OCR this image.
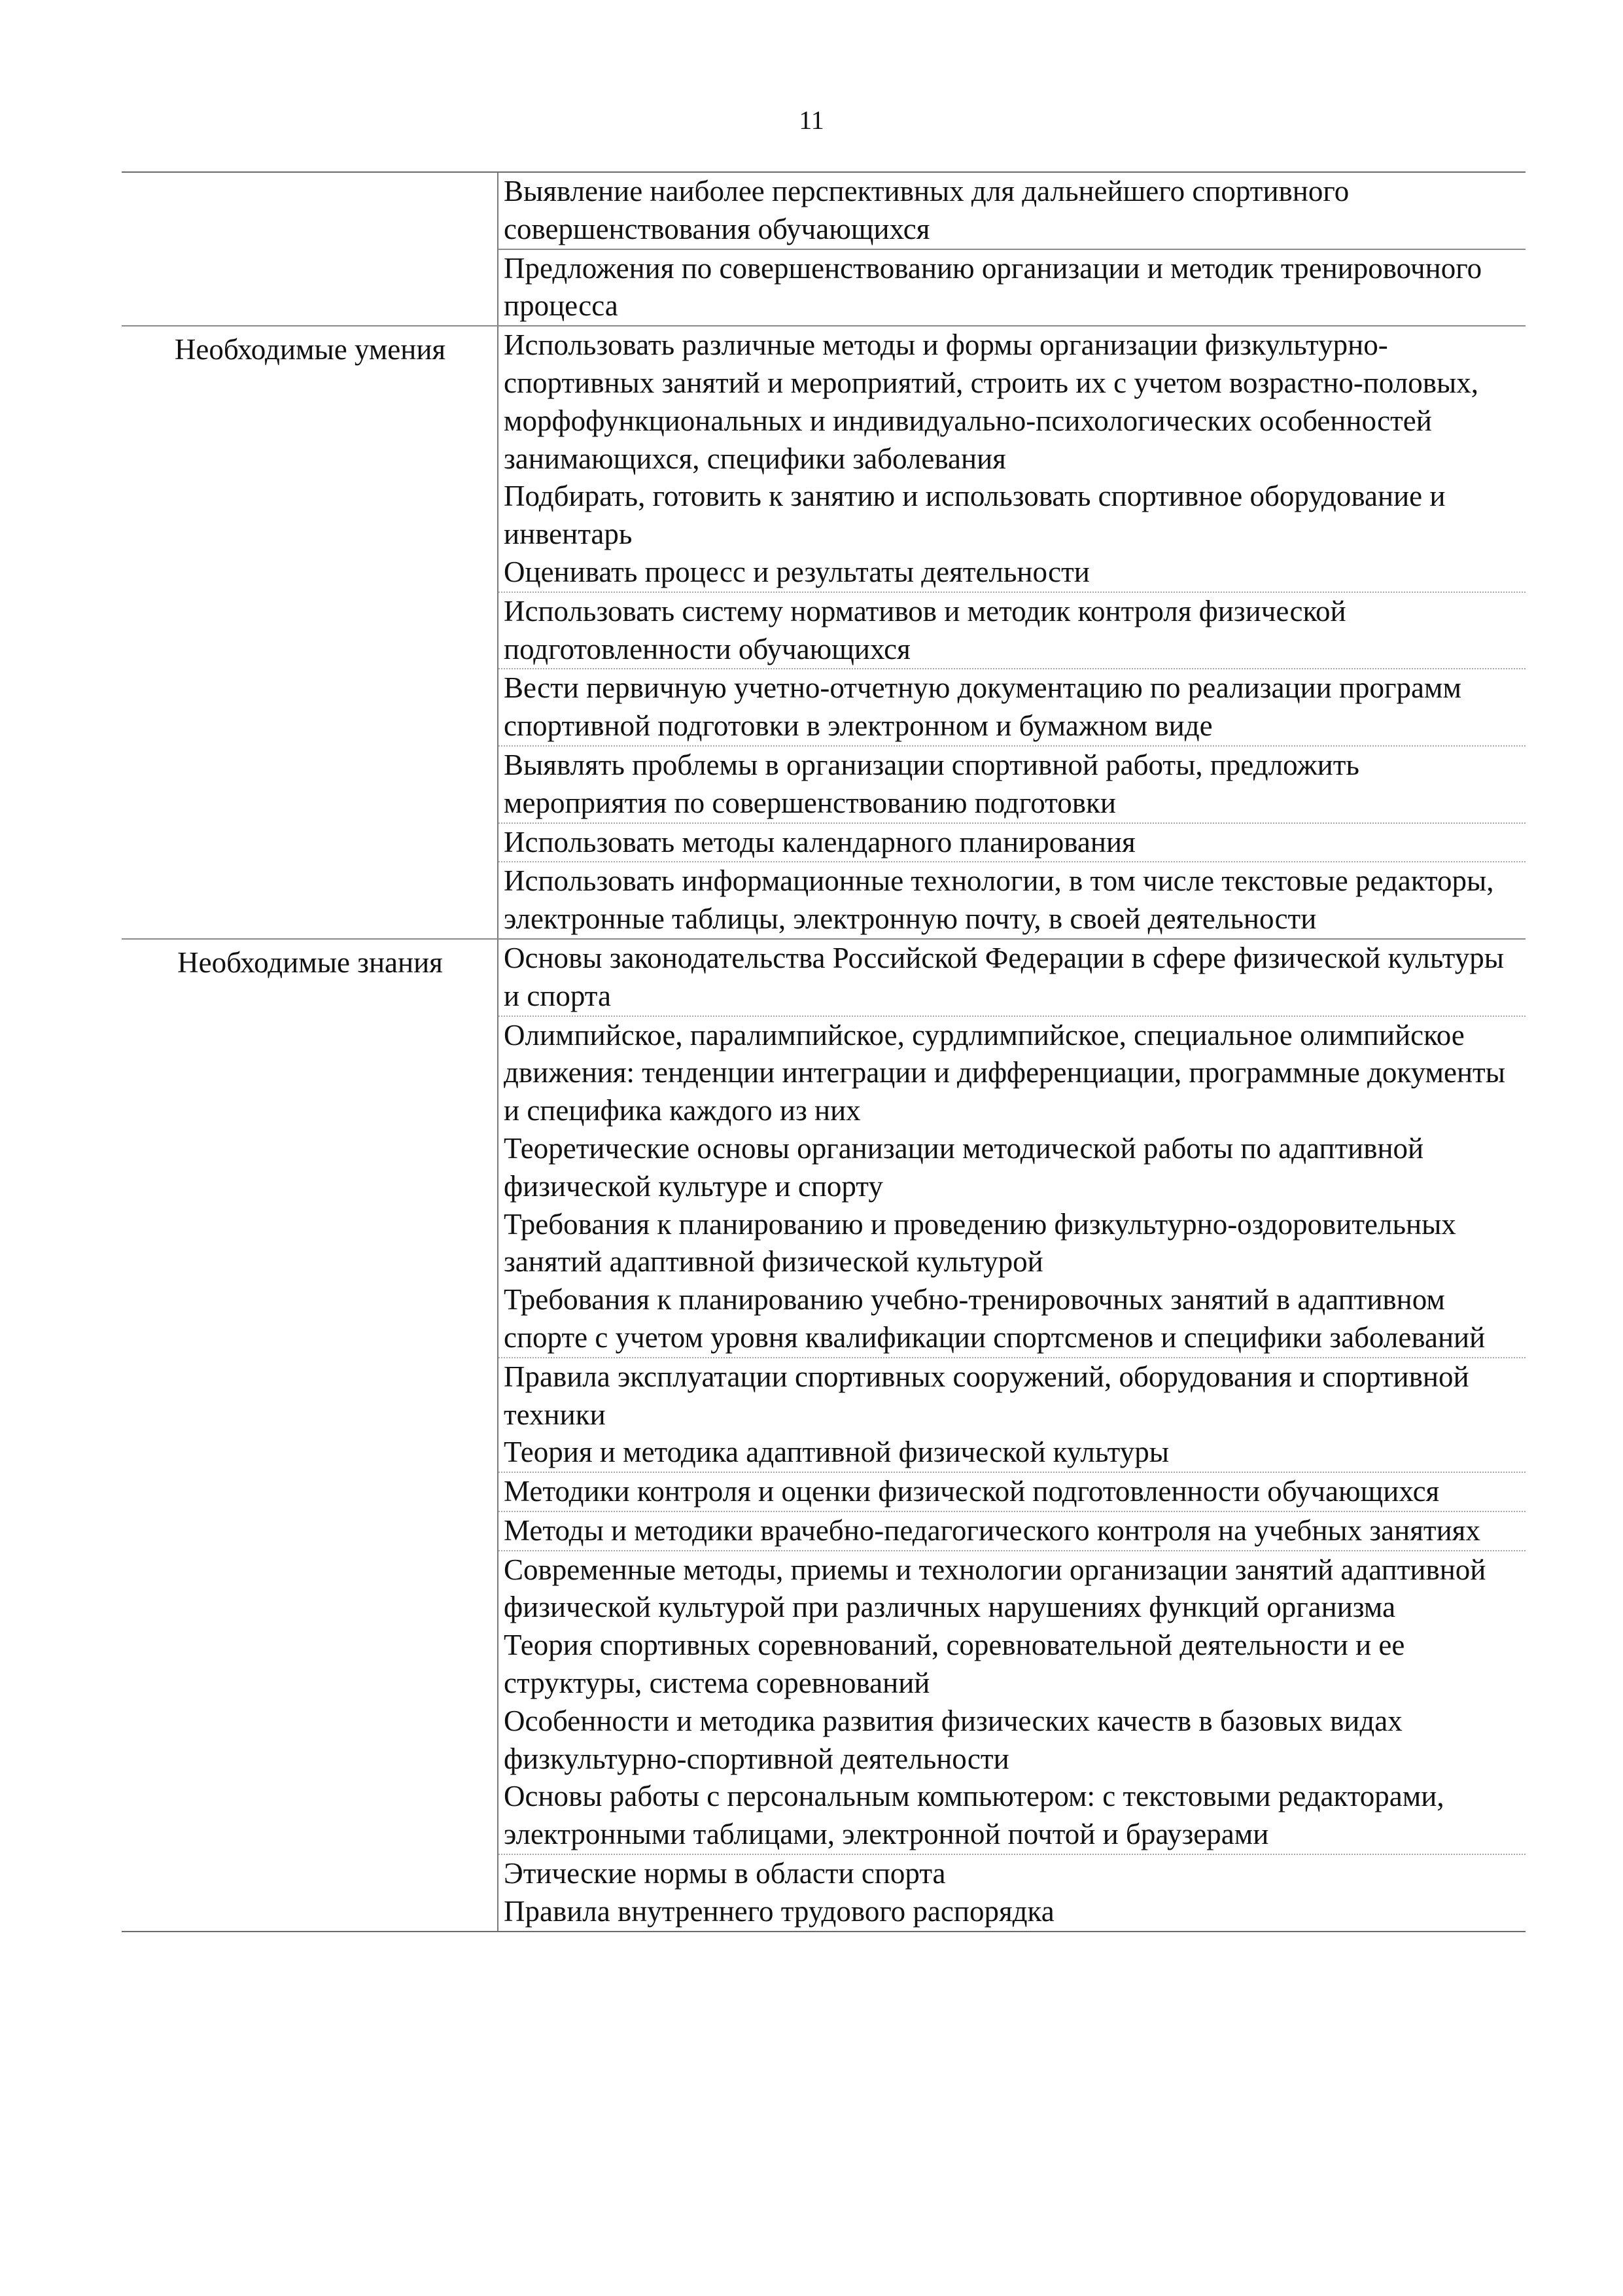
11
Выявление наиболее перспективных для дальнейшего спортивного совершенствования обучающихся
Предложения по совершенствованию организации и методик тренировочного процесса
Необходимые умения	Использовать различные методы и формы организации физкультурно-спортивных занятий и мероприятий, строить их с учетом возрастно-половых, морфофункциональных и индивидуально-психологических особенностей занимающихся, специфики заболевания
Подбирать, готовить к занятию и использовать спортивное оборудование и инвентарь
Оценивать процесс и результаты деятельности
Использовать систему нормативов и методик контроля физической подготовленности обучающихся
Вести первичную учетно-отчетную документацию по реализации программ спортивной подготовки в электронном и бумажном виде
Выявлять проблемы в организации спортивной работы, предложить мероприятия по совершенствованию подготовки
Использовать методы календарного планирования
Использовать информационные технологии, в том числе текстовые редакторы, электронные таблицы, электронную почту, в своей деятельности
Необходимые знания	Основы законодательства Российской Федерации в сфере физической культуры и спорта
Олимпийское, паралимпийское, сурдлимпийское, специальное олимпийское движения: тенденции интеграции и дифференциации, программные документы и специфика каждого из них
Теоретические основы организации методической работы по адаптивной физической культуре и спорту
Требования к планированию и проведению физкультурно-оздоровительных занятий адаптивной физической культурой
Требования к планированию учебно-тренировочных занятий в адаптивном спорте с учетом уровня квалификации спортсменов и специфики заболеваний
Правила эксплуатации спортивных сооружений, оборудования и спортивной техники
Теория и методика адаптивной физической культуры
Методики контроля и оценки физической подготовленности обучающихся
Методы и методики врачебно-педагогического контроля на учебных занятиях
Современные методы, приемы и технологии организации занятий адаптивной физической культурой при различных нарушениях функций организма
Теория спортивных соревнований, соревновательной деятельности и ее структуры, система соревнований
Особенности и методика развития физических качеств в базовых видах физкультурно-спортивной деятельности
Основы работы с персональным компьютером: с текстовыми редакторами, электронными таблицами, электронной почтой и браузерами
Этические нормы в области спорта
Правила внутреннего трудового распорядка
